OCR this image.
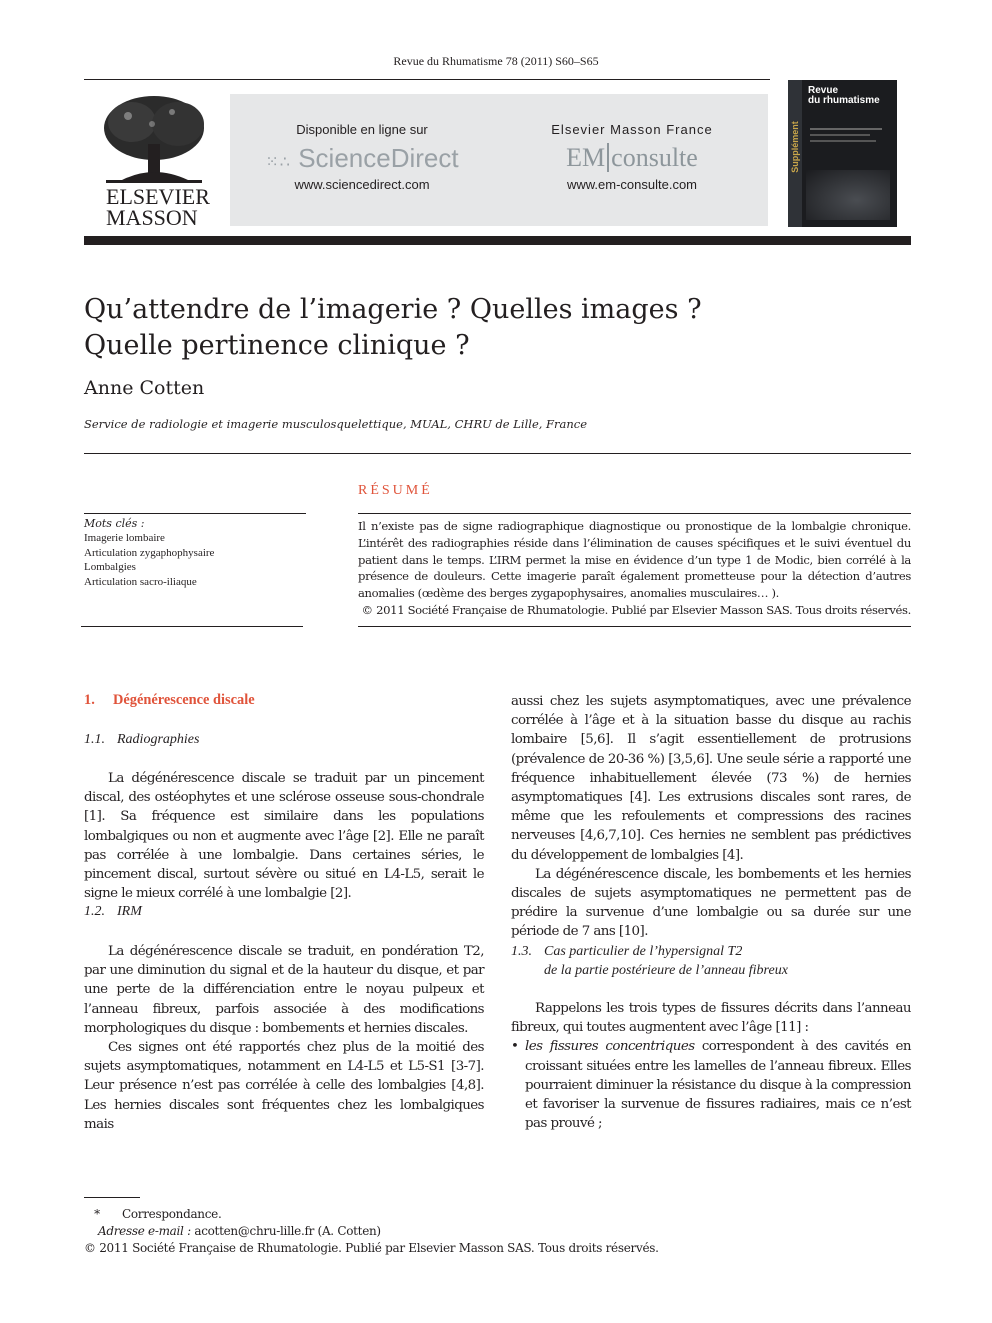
Revue du Rhumatisme 78 (2011) S60–S65
ELSEVIER
MASSON
Disponible en ligne sur
⁙∴ ScienceDirect
www.sciencedirect.com
Elsevier Masson France
EM consulte
www.em-consulte.com
Supplément
Revue
du rhumatisme
Qu’attendre de l’imagerie ? Quelles images ?
Quelle pertinence clinique ?
Anne Cotten
Service de radiologie et imagerie musculosquelettique, MUAL, CHRU de Lille, France
RÉSUMÉ
Mots clés :
Imagerie lombaire
Articulation zygaphophysaire
Lombalgies
Articulation sacro-iliaque
Il n’existe pas de signe radiographique diagnostique ou pronostique de la lombalgie chronique. L’intérêt des radiographies réside dans l’élimination de causes spécifiques et le suivi éventuel du patient dans le temps. L’IRM permet la mise en évidence d’un type 1 de Modic, bien corrélé à la présence de douleurs. Cette imagerie paraît également prometteuse pour la détection d’autres anomalies (œdème des berges zygapophysaires, anomalies musculaires… ).
© 2011 Société Française de Rhumatologie. Publié par Elsevier Masson SAS. Tous droits réservés.
1. Dégénérescence discale
1.1. Radiographies

La dégénérescence discale se traduit par un pincement discal, des ostéophytes et une sclérose osseuse sous-chondrale [1]. Sa fréquence est similaire dans les populations lombalgiques ou non et augmente avec l’âge [2]. Elle ne paraît pas corrélée à une lombalgie. Dans certaines séries, le pincement discal, surtout sévère ou situé en L4-L5, serait le signe le mieux corrélé à une lombalgie [2].

1.2. IRM

La dégénérescence discale se traduit, en pondération T2, par une diminution du signal et de la hauteur du disque, et par une perte de la différenciation entre le noyau pulpeux et l’anneau fibreux, parfois associée à des modifications morphologiques du disque : bombements et hernies discales.

Ces signes ont été rapportés chez plus de la moitié des sujets asymptomatiques, notamment en L4-L5 et L5-S1 [3-7]. Leur présence n’est pas corrélée à celle des lombalgies [4,8]. Les hernies discales sont fréquentes chez les lombalgiques mais

aussi chez les sujets asymptomatiques, avec une prévalence corrélée à l’âge et à la situation basse du disque au rachis lombaire [5,6]. Il s’agit essentiellement de protrusions (prévalence de 20-36 %) [3,5,6]. Une seule série a rapporté une fréquence inhabituellement élevée (73 %) de hernies asymptomatiques [4]. Les extrusions discales sont rares, de même que les refoulements et compressions des racines nerveuses [4,6,7,10]. Ces hernies ne semblent pas prédictives du développement de lombalgies [4].

La dégénérescence discale, les bombements et les hernies discales de sujets asymptomatiques ne permettent pas de prédire la survenue d’une lombalgie ou sa durée sur une période de 7 ans [10].

1.3. Cas particulier de l’hypersignal T2
de la partie postérieure de l’anneau fibreux

Rappelons les trois types de fissures décrits dans l’anneau fibreux, qui toutes augmentent avec l’âge [11] :

• les fissures concentriques correspondent à des cavités en croissant situées entre les lamelles de l’anneau fibreux. Elles pourraient diminuer la résistance du disque à la compression et favoriser la survenue de fissures radiaires, mais ce n’est pas prouvé ;
* Correspondance.
Adresse e-mail : acotten@chru-lille.fr (A. Cotten)
© 2011 Société Française de Rhumatologie. Publié par Elsevier Masson SAS. Tous droits réservés.
